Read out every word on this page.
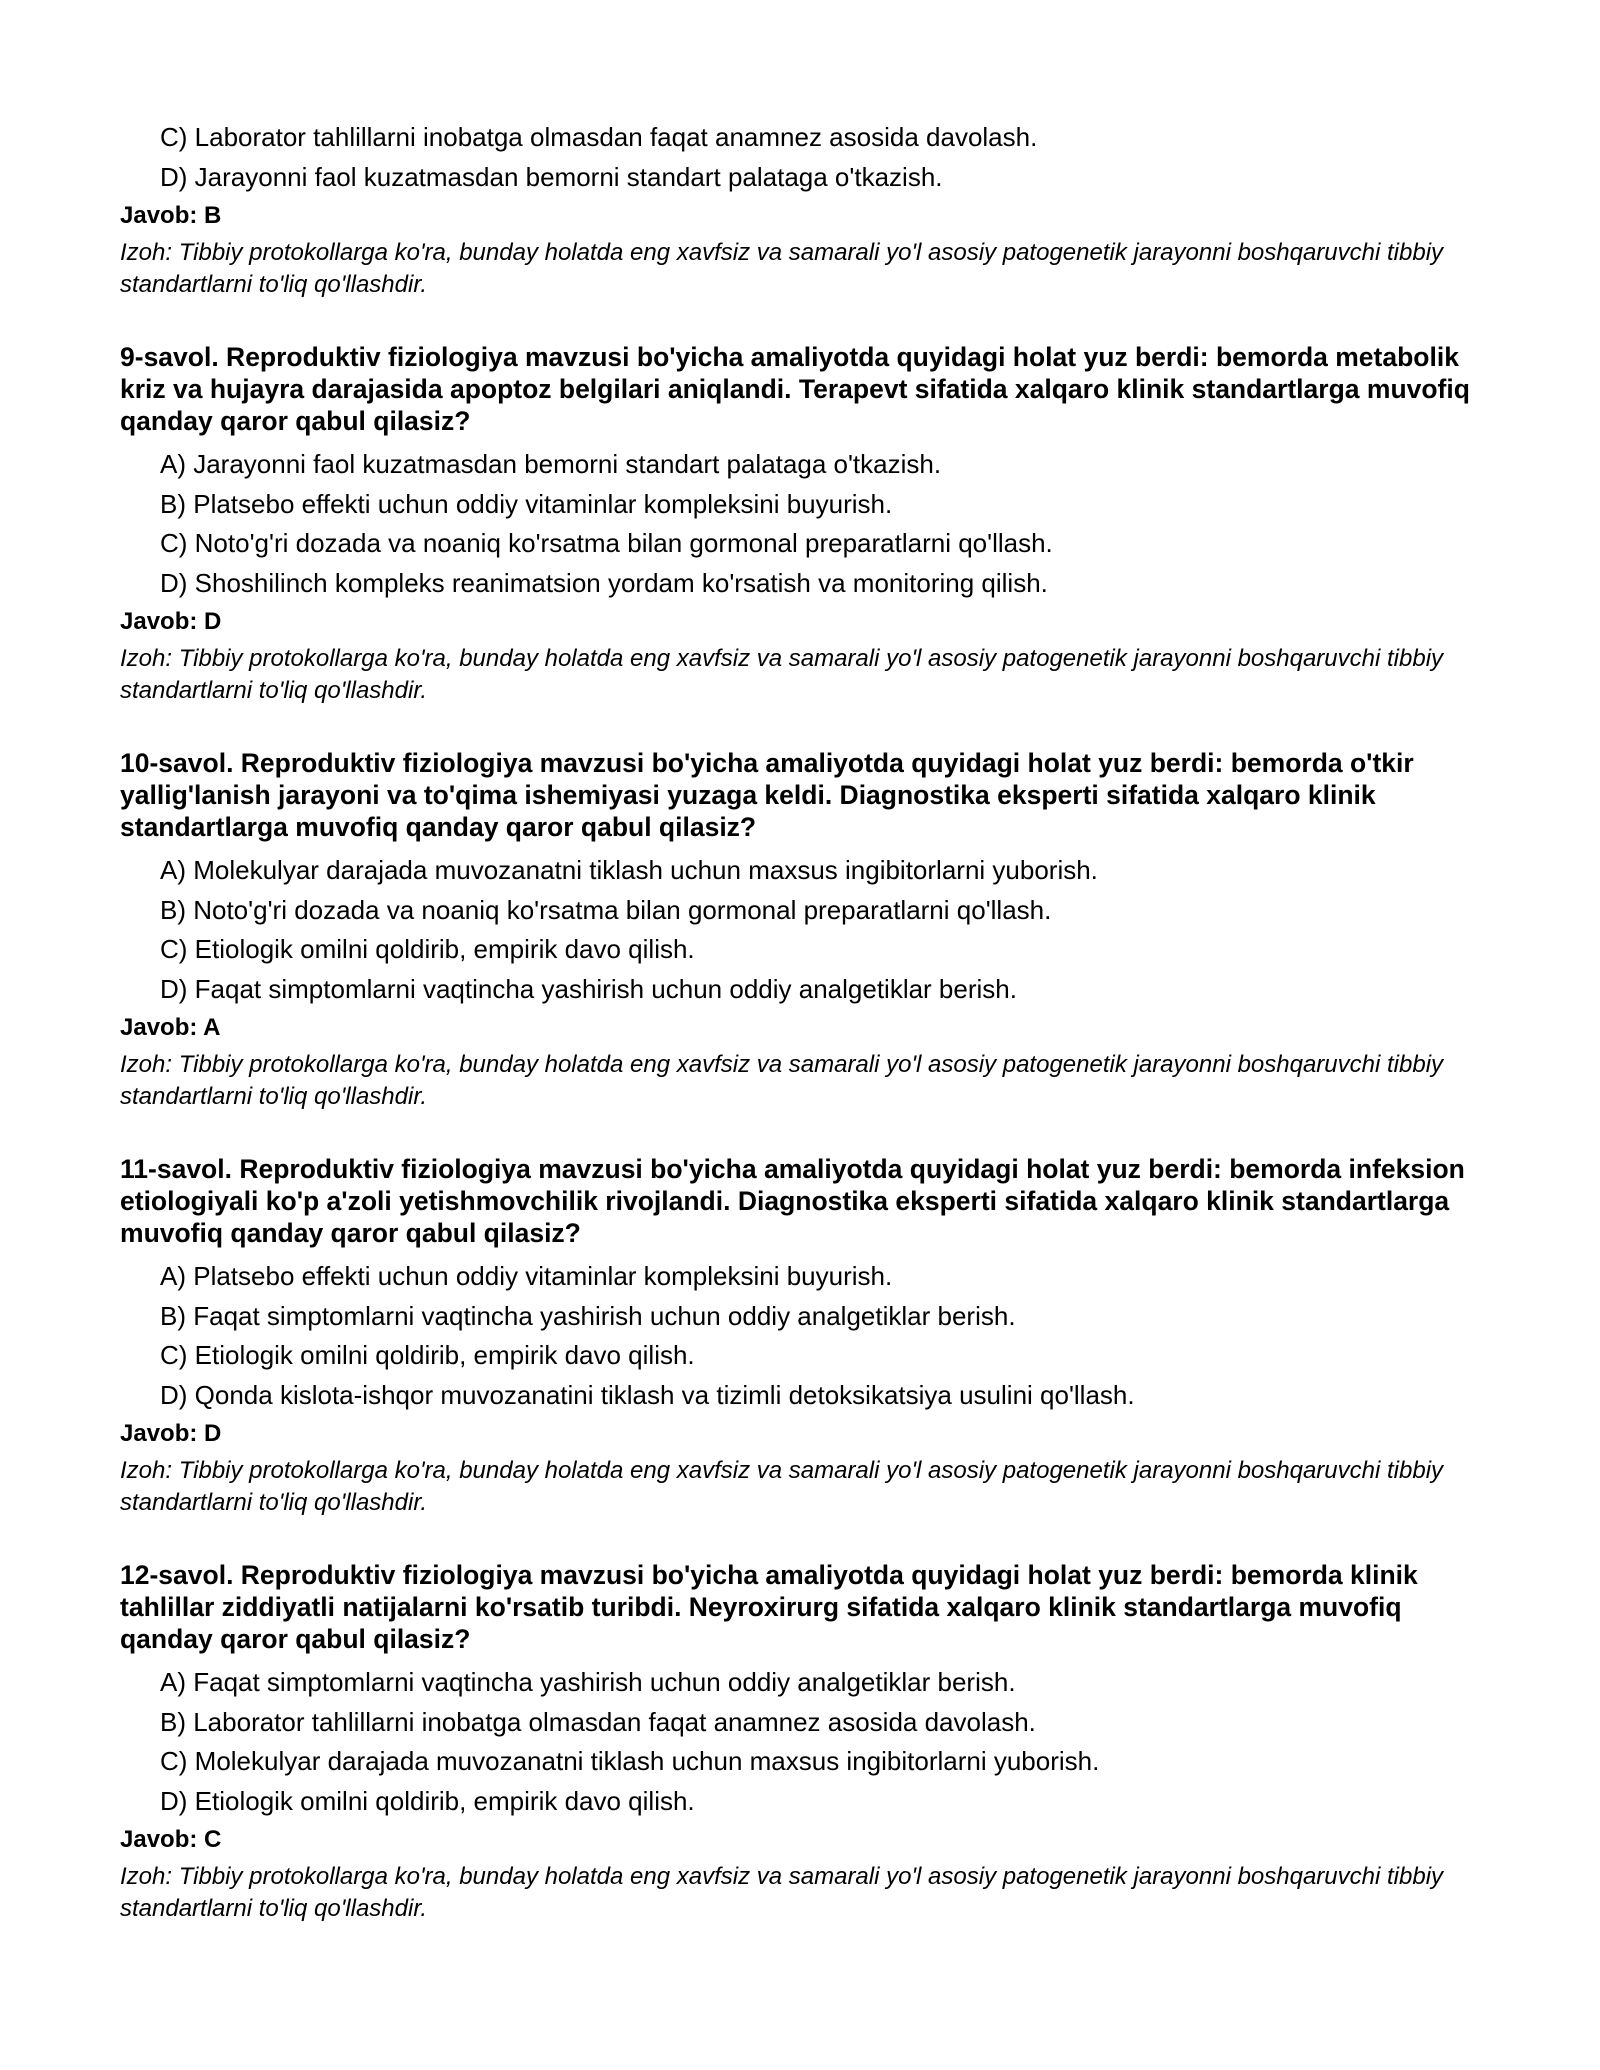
C) Laborator tahlillarni inobatga olmasdan faqat anamnez asosida davolash.
D) Jarayonni faol kuzatmasdan bemorni standart palataga o'tkazish.
Javob: B

Izoh: Tibbiy protokollarga ko'ra, bunday holatda eng xavfsiz va samarali yo'l asosiy patogenetik jarayonni boshqaruvchi tibbiy standartlarni to'liq qo'llashdir.

9-savol. Reproduktiv fiziologiya mavzusi bo'yicha amaliyotda quyidagi holat yuz berdi: bemorda metabolik kriz va hujayra darajasida apoptoz belgilari aniqlandi. Terapevt sifatida xalqaro klinik standartlarga muvofiq qanday qaror qabul qilasiz?

A) Jarayonni faol kuzatmasdan bemorni standart palataga o'tkazish.
B) Platsebo effekti uchun oddiy vitaminlar kompleksini buyurish.
C) Noto'g'ri dozada va noaniq ko'rsatma bilan gormonal preparatlarni qo'llash.
D) Shoshilinch kompleks reanimatsion yordam ko'rsatish va monitoring qilish.
Javob: D

Izoh: Tibbiy protokollarga ko'ra, bunday holatda eng xavfsiz va samarali yo'l asosiy patogenetik jarayonni boshqaruvchi tibbiy standartlarni to'liq qo'llashdir.

10-savol. Reproduktiv fiziologiya mavzusi bo'yicha amaliyotda quyidagi holat yuz berdi: bemorda o'tkir yallig'lanish jarayoni va to'qima ishemiyasi yuzaga keldi. Diagnostika eksperti sifatida xalqaro klinik standartlarga muvofiq qanday qaror qabul qilasiz?

A) Molekulyar darajada muvozanatni tiklash uchun maxsus ingibitorlarni yuborish.
B) Noto'g'ri dozada va noaniq ko'rsatma bilan gormonal preparatlarni qo'llash.
C) Etiologik omilni qoldirib, empirik davo qilish.
D) Faqat simptomlarni vaqtincha yashirish uchun oddiy analgetiklar berish.
Javob: A

Izoh: Tibbiy protokollarga ko'ra, bunday holatda eng xavfsiz va samarali yo'l asosiy patogenetik jarayonni boshqaruvchi tibbiy standartlarni to'liq qo'llashdir.

11-savol. Reproduktiv fiziologiya mavzusi bo'yicha amaliyotda quyidagi holat yuz berdi: bemorda infeksion etiologiyali ko'p a'zoli yetishmovchilik rivojlandi. Diagnostika eksperti sifatida xalqaro klinik standartlarga muvofiq qanday qaror qabul qilasiz?

A) Platsebo effekti uchun oddiy vitaminlar kompleksini buyurish.
B) Faqat simptomlarni vaqtincha yashirish uchun oddiy analgetiklar berish.
C) Etiologik omilni qoldirib, empirik davo qilish.
D) Qonda kislota-ishqor muvozanatini tiklash va tizimli detoksikatsiya usulini qo'llash.
Javob: D

Izoh: Tibbiy protokollarga ko'ra, bunday holatda eng xavfsiz va samarali yo'l asosiy patogenetik jarayonni boshqaruvchi tibbiy standartlarni to'liq qo'llashdir.

12-savol. Reproduktiv fiziologiya mavzusi bo'yicha amaliyotda quyidagi holat yuz berdi: bemorda klinik tahlillar ziddiyatli natijalarni ko'rsatib turibdi. Neyroxirurg sifatida xalqaro klinik standartlarga muvofiq qanday qaror qabul qilasiz?

A) Faqat simptomlarni vaqtincha yashirish uchun oddiy analgetiklar berish.
B) Laborator tahlillarni inobatga olmasdan faqat anamnez asosida davolash.
C) Molekulyar darajada muvozanatni tiklash uchun maxsus ingibitorlarni yuborish.
D) Etiologik omilni qoldirib, empirik davo qilish.
Javob: C

Izoh: Tibbiy protokollarga ko'ra, bunday holatda eng xavfsiz va samarali yo'l asosiy patogenetik jarayonni boshqaruvchi tibbiy standartlarni to'liq qo'llashdir.
